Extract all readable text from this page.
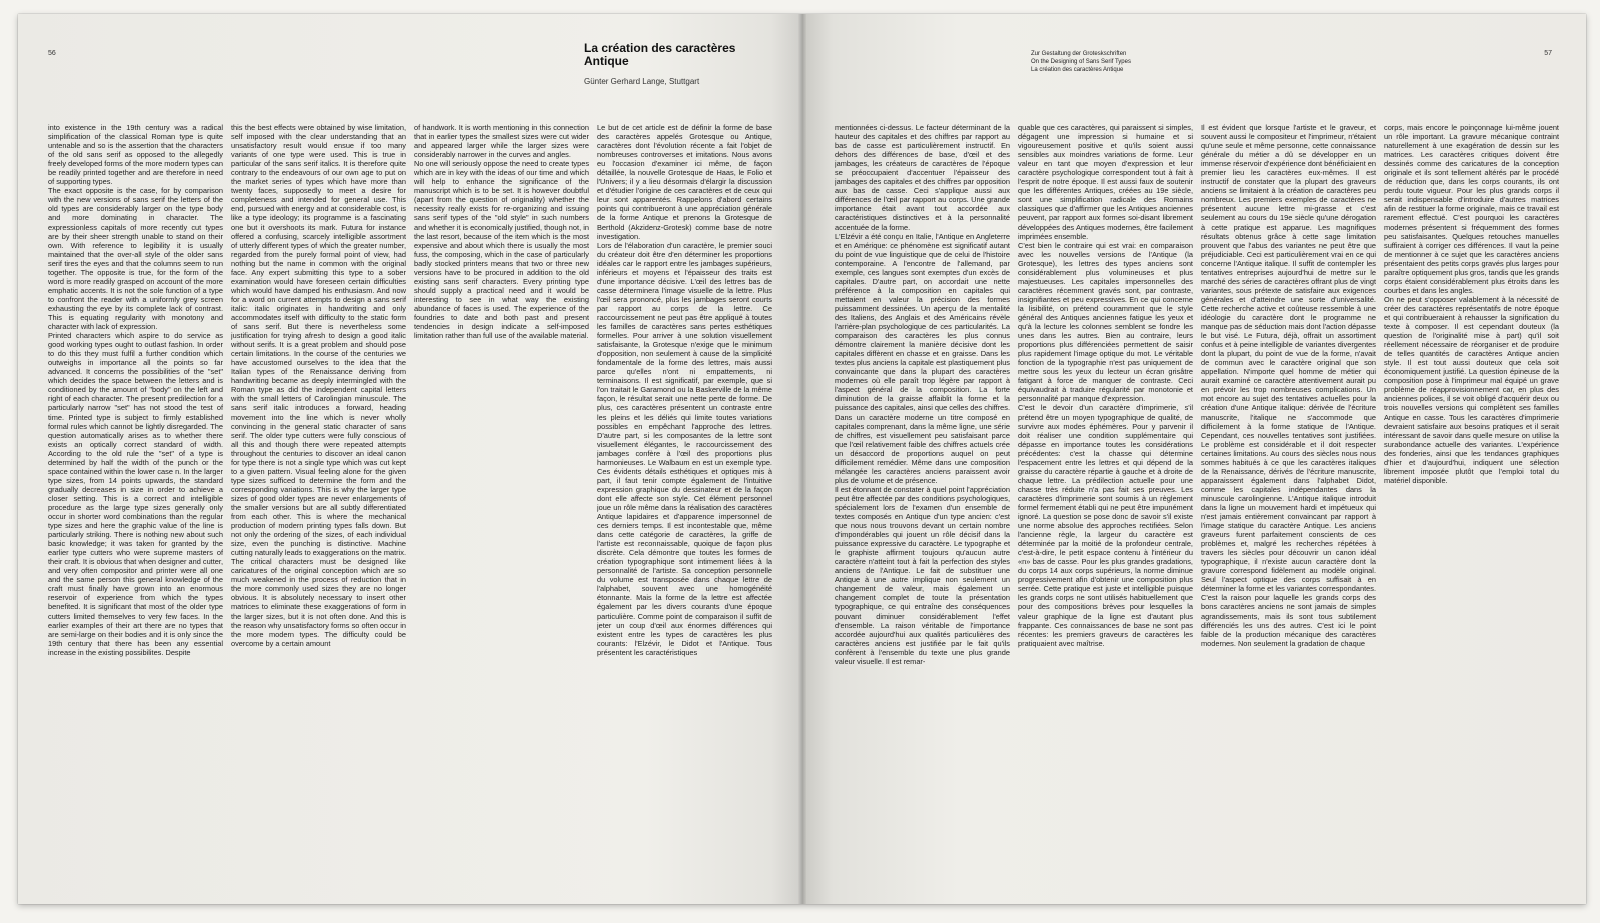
56	La création des caractères
Antique
Günter Gerhard Lange, Stuttgart

into existence in the 19th century was a radical simplification of the classical Roman type is quite untenable and so is the assertion that the characters of the old sans serif as opposed to the allegedly freely developed forms of the more modern types can be readily printed together and are therefore in need of supporting types.

The exact opposite is the case, for by comparison with the new versions of sans serif the letters of the old types are considerably larger on the type body and more dominating in character. The expressionless capitals of more recently cut types are by their sheer strength unable to stand on their own. With reference to legibility it is usually maintained that the over-all style of the older sans serif tires the eyes and that the columns seem to run together. The opposite is true, for the form of the word is more readily grasped on account of the more emphatic accents. It is not the sole function of a type to confront the reader with a uniformly grey screen exhausting the eye by its complete lack of contrast. This is equating regularity with monotony and character with lack of expression.

Printed characters which aspire to do service as good working types ought to outlast fashion. In order to do this they must fulfil a further condition which outweighs in importance all the points so far advanced. It concerns the possibilities of the "set" which decides the space between the letters and is conditioned by the amount of "body" on the left and right of each character. The present predilection for a particularly narrow "set" has not stood the test of time. Printed type is subject to firmly established formal rules which cannot be lightly disregarded. The question automatically arises as to whether there exists an optically correct standard of width. According to the old rule the "set" of a type is determined by half the width of the punch or the space contained within the lower case n. In the larger type sizes, from 14 points upwards, the standard gradually decreases in size in order to achieve a closer setting. This is a correct and intelligible procedure as the large type sizes generally only occur in shorter word combinations than the regular type sizes and here the graphic value of the line is particularly striking. There is nothing new about such basic knowledge; it was taken for granted by the earlier type cutters who were supreme masters of their craft. It is obvious that when designer and cutter, and very often compositor and printer were all one and the same person this general knowledge of the craft must finally have grown into an enormous reservoir of experience from which the types benefited. It is significant that most of the older type cutters limited themselves to very few faces. In the earlier examples of their art there are no types that are semi-large on their bodies and it is only since the 19th century that there has been any essential increase in the existing possibilites. Despite

this the best effects were obtained by wise limitation, self imposed with the clear understanding that an unsatisfactory result would ensue if too many variants of one type were used. This is true in particular of the sans serif italics. It is therefore quite contrary to the endeavours of our own age to put on the market series of types which have more than twenty faces, supposedly to meet a desire for completeness and intended for general use. This end, pursued with energy and at considerable cost, is like a type ideology; its programme is a fascinating one but it overshoots its mark. Futura for instance offered a confusing, scarcely intelligible assortment of utterly different types of which the greater number, regarded from the purely formal point of view, had nothing but the name in common with the original face. Any expert submitting this type to a sober examination would have foreseen certain difficulties which would have damped his enthusiasm. And now for a word on current attempts to design a sans serif italic: italic originates in handwriting and only accommodates itself with difficulty to the static form of sans serif. But there is nevertheless some justification for trying afresh to design a good italic without serifs. It is a great problem and should pose certain limitations. In the course of the centuries we have accustomed ourselves to the idea that the Italian types of the Renaissance deriving from handwriting became as deeply intermingled with the Roman type as did the independent capital letters with the small letters of Carolingian minuscule. The sans serif italic introduces a forward, heading movement into the line which is never wholly convincing in the general static character of sans serif. The older type cutters were fully conscious of all this and though there were repeated attempts throughout the centuries to discover an ideal canon for type there is not a single type which was cut kept to a given pattern. Visual feeling alone for the given type sizes sufficed to determine the form and the corresponding variations. This is why the larger type sizes of good older types are never enlargements of the smaller versions but are all subtly differentiated from each other. This is where the mechanical production of modern printing types falls down. But not only the ordering of the sizes, of each individual size, even the punching is distinctive. Machine cutting naturally leads to exaggerations on the matrix. The critical characters must be designed like caricatures of the original conception which are so much weakened in the process of reduction that in the more commonly used sizes they are no longer obvious. It is absolutely necessary to insert other matrices to eliminate these exaggerations of form in the larger sizes, but it is not often done. And this is the reason why unsatisfactory forms so often occur in the more modern types. The difficulty could be overcome by a certain amount

of handwork. It is worth mentioning in this connection that in earlier types the smallest sizes were cut wider and appeared larger while the larger sizes were considerably narrower in the curves and angles.

No one will seriously oppose the need to create types which are in key with the ideas of our time and which will help to enhance the significance of the manuscript which is to be set. It is however doubtful (apart from the question of originality) whether the necessity really exists for re-organizing and issuing sans serif types of the "old style" in such numbers and whether it is economically justified, though not, in the last resort, because of the item which is the most expensive and about which there is usually the most fuss, the composing, which in the case of particularly badly stocked printers means that two or three new versions have to be procured in addition to the old existing sans serif characters. Every printing type should supply a practical need and it would be interesting to see in what way the existing abundance of faces is used. The experience of the foundries to date and both past and present tendencies in design indicate a self-imposed limitation rather than full use of the available material.

Le but de cet article est de définir la forme de base des caractères appelés Grotesque ou Antique, caractères dont l'évolution récente a fait l'objet de nombreuses controverses et imitations. Nous avons eu l'occasion d'examiner ici même, de façon détaillée, la nouvelle Grotesque de Haas, le Folio et l'Univers; il y a lieu désormais d'élargir la discussion et d'étudier l'origine de ces caractères et de ceux qui leur sont apparentés. Rappelons d'abord certains points qui contribueront à une appréciation générale de la forme Antique et prenons la Grotesque de Berthold (Akzidenz-Grotesk) comme base de notre investigation.

Lors de l'élaboration d'un caractère, le premier souci du créateur doit être d'en déterminer les proportions idéales car le rapport entre les jambages supérieurs, inférieurs et moyens et l'épaisseur des traits est d'une importance décisive. L'œil des lettres bas de casse déterminera l'image visuelle de la lettre. Plus l'œil sera prononcé, plus les jambages seront courts par rapport au corps de la lettre. Ce raccourcissement ne peut pas être appliqué à toutes les familles de caractères sans pertes esthétiques formelles. Pour arriver à une solution visuellement satisfaisante, la Grotesque n'exige que le minimum d'opposition, non seulement à cause de la simplicité fondamentale de la forme des lettres, mais aussi parce qu'elles n'ont ni empattements, ni terminaisons. Il est significatif, par exemple, que si l'on traitait le Garamond ou la Baskerville de la même façon, le résultat serait une nette perte de forme. De plus, ces caractères présentent un contraste entre les pleins et les déliés qui limite toutes variations possibles en empêchant l'approche des lettres. D'autre part, si les composantes de la lettre sont visuellement élégantes, le raccourcissement des jambages confère à l'œil des proportions plus harmonieuses. Le Walbaum en est un exemple type. Ces évidents détails esthétiques et optiques mis à part, il faut tenir compte également de l'intuitive expression graphique du dessinateur et de la façon dont elle affecte son style. Cet élément personnel joue un rôle même dans la réalisation des caractères Antique lapidaires et d'apparence impersonnel de ces derniers temps. Il est incontestable que, même dans cette catégorie de caractères, la griffe de l'artiste est reconnaissable, quoique de façon plus discrète. Cela démontre que toutes les formes de création typographique sont intimement liées à la personnalité de l'artiste. Sa conception personnelle du volume est transposée dans chaque lettre de l'alphabet, souvent avec une homogénéité étonnante. Mais la forme de la lettre est affectée également par les divers courants d'une époque particulière. Comme point de comparaison il suffit de jeter un coup d'œil aux énormes différences qui existent entre les types de caractères les plus courants: l'Elzévir, le Didot et l'Antique. Tous présentent les caractéristiques

Zur Gestaltung der Groteskschriften
On the Designing of Sans Serif Types
La création des caractères Antique
57

mentionnées ci-dessus. Le facteur déterminant de la hauteur des capitales et des chiffres par rapport au bas de casse est particulièrement instructif. En dehors des différences de base, d'œil et des jambages, les créateurs de caractères de l'époque se préoccupaient d'accentuer l'épaisseur des jambages des capitales et des chiffres par opposition aux bas de casse. Ceci s'applique aussi aux différences de l'œil par rapport au corps. Une grande importance était avant tout accordée aux caractéristiques distinctives et à la personnalité accentuée de la forme.

L'Elzévir a été conçu en Italie, l'Antique en Angleterre et en Amérique: ce phénomène est significatif autant du point de vue linguistique que de celui de l'histoire contemporaine. A l'encontre de l'allemand, par exemple, ces langues sont exemptes d'un excès de capitales. D'autre part, on accordait une nette préférence à la composition en capitales qui mettaient en valeur la précision des formes puissamment dessinées. Un aperçu de la mentalité des Italiens, des Anglais et des Américains révèle l'arrière-plan psychologique de ces particularités. La comparaison des caractères les plus connus démontre clairement la manière décisive dont les capitales diffèrent en chasse et en graisse. Dans les textes plus anciens la capitale est plastiquement plus convaincante que dans la plupart des caractères modernes où elle paraît trop légère par rapport à l'aspect général de la composition. La forte diminution de la graisse affaiblit la forme et la puissance des capitales, ainsi que celles des chiffres. Dans un caractère moderne un titre composé en capitales comprenant, dans la même ligne, une série de chiffres, est visuellement peu satisfaisant parce que l'œil relativement faible des chiffres actuels crée un désaccord de proportions auquel on peut difficilement remédier. Même dans une composition mélangée les caractères anciens paraissent avoir plus de volume et de présence.

Il est étonnant de constater à quel point l'appréciation peut être affectée par des conditions psychologiques, spécialement lors de l'examen d'un ensemble de textes composés en Antique d'un type ancien: c'est que nous nous trouvons devant un certain nombre d'impondérables qui jouent un rôle décisif dans la puissance expressive du caractère. Le typographe et le graphiste affirment toujours qu'aucun autre caractère n'atteint tout à fait la perfection des styles anciens de l'Antique. Le fait de substituer une Antique à une autre implique non seulement un changement de valeur, mais également un changement complet de toute la présentation typographique, ce qui entraîne des conséquences pouvant diminuer considérablement l'effet d'ensemble. La raison véritable de l'importance accordée aujourd'hui aux qualités particulières des caractères anciens est justifiée par le fait qu'ils confèrent à l'ensemble du texte une plus grande valeur visuelle. Il est remar-

quable que ces caractères, qui paraissent si simples, dégagent une impression si humaine et si vigoureusement positive et qu'ils soient aussi sensibles aux moindres variations de forme. Leur valeur en tant que moyen d'expression et leur caractère psychologique correspondent tout à fait à l'esprit de notre époque. Il est aussi faux de soutenir que les différentes Antiques, créées au 19e siècle, sont une simplification radicale des Romains classiques que d'affirmer que les Antiques anciennes peuvent, par rapport aux formes soi-disant librement développées des Antiques modernes, être facilement imprimées ensemble.

C'est bien le contraire qui est vrai: en comparaison avec les nouvelles versions de l'Antique (la Grotesque), les lettres des types anciens sont considérablement plus volumineuses et plus majestueuses. Les capitales impersonnelles des caractères récemment gravés sont, par contraste, insignifiantes et peu expressives. En ce qui concerne la lisibilité, on prétend couramment que le style général des Antiques anciennes fatigue les yeux et qu'à la lecture les colonnes semblent se fondre les unes dans les autres. Bien au contraire, leurs proportions plus différenciées permettent de saisir plus rapidement l'image optique du mot. Le véritable fonction de la typographie n'est pas uniquement de mettre sous les yeux du lecteur un écran grisâtre fatigant à force de manquer de contraste. Ceci équivaudrait à traduire régularité par monotonie et personnalité par manque d'expression.

C'est le devoir d'un caractère d'imprimerie, s'il prétend être un moyen typographique de qualité, de survivre aux modes éphémères. Pour y parvenir il doit réaliser une condition supplémentaire qui dépasse en importance toutes les considérations précédentes: c'est la chasse qui détermine l'espacement entre les lettres et qui dépend de la graisse du caractère répartie à gauche et à droite de chaque lettre. La prédilection actuelle pour une chasse très réduite n'a pas fait ses preuves. Les caractères d'imprimerie sont soumis à un règlement formel fermement établi qui ne peut être impunément ignoré. La question se pose donc de savoir s'il existe une norme absolue des approches rectifiées. Selon l'ancienne règle, la largeur du caractère est déterminée par la moitié de la profondeur centrale, c'est-à-dire, le petit espace contenu à l'intérieur du «n» bas de casse. Pour les plus grandes gradations, du corps 14 aux corps supérieurs, la norme diminue progressivement afin d'obtenir une composition plus serrée. Cette pratique est juste et intelligible puisque les grands corps ne sont utilisés habituellement que pour des compositions brèves pour lesquelles la valeur graphique de la ligne est d'autant plus frappante. Ces connaissances de base ne sont pas récentes: les premiers graveurs de caractères les pratiquaient avec maîtrise.

Il est évident que lorsque l'artiste et le graveur, et souvent aussi le compositeur et l'imprimeur, n'étaient qu'une seule et même personne, cette connaissance générale du métier a dû se développer en un immense réservoir d'expérience dont bénéficiaient en premier lieu les caractères eux-mêmes. Il est instructif de constater que la plupart des graveurs anciens se limitaient à la création de caractères peu nombreux. Les premiers exemples de caractères ne présentent aucune lettre mi-grasse et c'est seulement au cours du 19e siècle qu'une dérogation à cette pratique est apparue. Les magnifiques résultats obtenus grâce à cette sage limitation prouvent que l'abus des variantes ne peut être que préjudiciable. Ceci est particulièrement vrai en ce qui concerne l'Antique italique. Il suffit de contempler les tentatives entreprises aujourd'hui de mettre sur le marché des séries de caractères offrant plus de vingt variantes, sous prétexte de satisfaire aux exigences générales et d'atteindre une sorte d'universalité. Cette recherche active et coûteuse ressemble à une idéologie du caractère dont le programme ne manque pas de séduction mais dont l'action dépasse le but visé. Le Futura, déjà, offrait un assortiment confus et à peine intelligible de variantes divergentes dont la plupart, du point de vue de la forme, n'avait de commun avec le caractère original que son appellation. N'importe quel homme de métier qui aurait examiné ce caractère attentivement aurait pu en prévoir les trop nombreuses complications. Un mot encore au sujet des tentatives actuelles pour la création d'une Antique italique: dérivée de l'écriture manuscrite, l'italique ne s'accommode que difficilement à la forme statique de l'Antique. Cependant, ces nouvelles tentatives sont justifiées. Le problème est considérable et il doit respecter certaines limitations. Au cours des siècles nous nous sommes habitués à ce que les caractères italiques de la Renaissance, dérivés de l'écriture manuscrite, apparaissent également dans l'alphabet Didot, comme les capitales indépendantes dans la minuscule carolingienne. L'Antique italique introduit dans la ligne un mouvement hardi et impétueux qui n'est jamais entièrement convaincant par rapport à l'image statique du caractère Antique. Les anciens graveurs furent parfaitement conscients de ces problèmes et, malgré les recherches répétées à travers les siècles pour découvrir un canon idéal typographique, il n'existe aucun caractère dont la gravure correspond fidèlement au modèle original. Seul l'aspect optique des corps suffisait à en déterminer la forme et les variantes correspondantes. C'est la raison pour laquelle les grands corps des bons caractères anciens ne sont jamais de simples agrandissements, mais ils sont tous subtilement différenciés les uns des autres. C'est ici le point faible de la production mécanique des caractères modernes. Non seulement la gradation de chaque

corps, mais encore le poinçonnage lui-même jouent un rôle important. La gravure mécanique contraint naturellement à une exagération de dessin sur les matrices. Les caractères critiques doivent être dessinés comme des caricatures de la conception originale et ils sont tellement altérés par le procédé de réduction que, dans les corps courants, ils ont perdu toute vigueur. Pour les plus grands corps il serait indispensable d'introduire d'autres matrices afin de restituer la forme originale, mais ce travail est rarement effectué. C'est pourquoi les caractères modernes présentent si fréquemment des formes peu satisfaisantes. Quelques retouches manuelles suffiraient à corriger ces différences. Il vaut la peine de mentionner à ce sujet que les caractères anciens présentaient des petits corps gravés plus larges pour paraître optiquement plus gros, tandis que les grands corps étaient considérablement plus étroits dans les courbes et dans les angles.

On ne peut s'opposer valablement à la nécessité de créer des caractères représentatifs de notre époque et qui contribueraient à rehausser la signification du texte à composer. Il est cependant douteux (la question de l'originalité mise à part) qu'il soit réellement nécessaire de réorganiser et de produire de telles quantités de caractères Antique ancien style. Il est tout aussi douteux que cela soit économiquement justifié. La question épineuse de la composition pose à l'imprimeur mal équipé un grave problème de réapprovisionnement car, en plus des anciennes polices, il se voit obligé d'acquérir deux ou trois nouvelles versions qui complètent ses familles Antique en casse. Tous les caractères d'imprimerie devraient satisfaire aux besoins pratiques et il serait intéressant de savoir dans quelle mesure on utilise la surabondance actuelle des variantes. L'expérience des fonderies, ainsi que les tendances graphiques d'hier et d'aujourd'hui, indiquent une sélection librement imposée plutôt que l'emploi total du matériel disponible.
